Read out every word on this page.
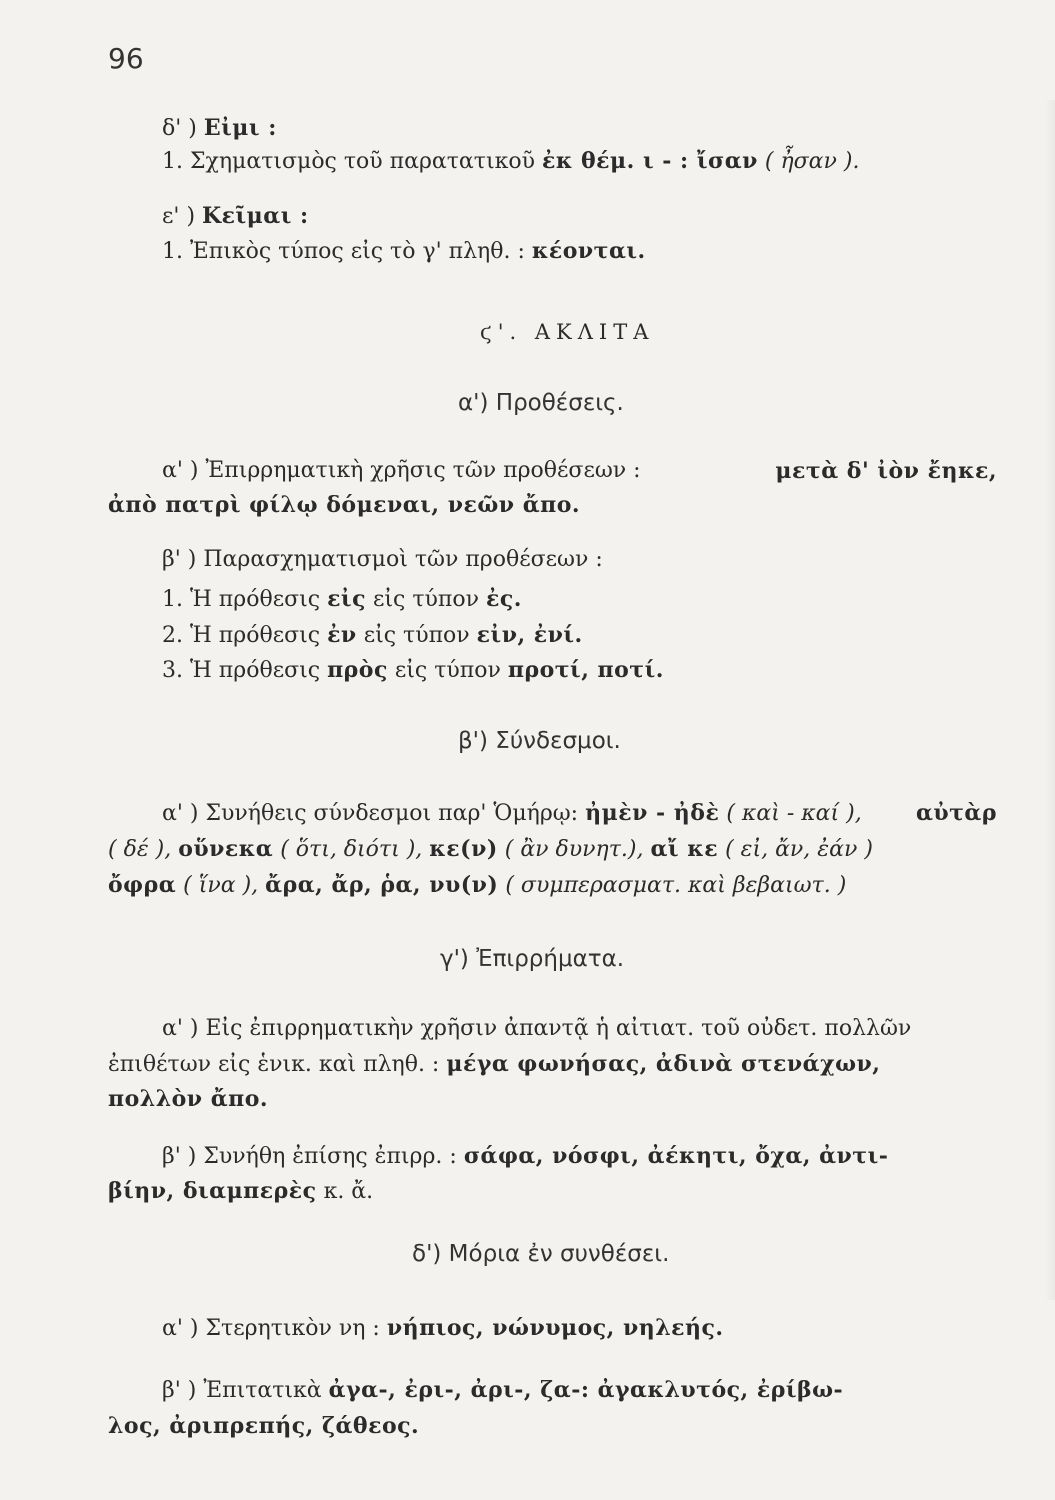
96
δ' ) Εἰμι :
1. Σχηματισμὸς τοῦ παρατατικοῦ ἐκ θέμ. ι - : ἴσαν ( ἦσαν ).
ε' ) Κεῖμαι :
1. Ἐπικὸς τύπος εἰς τὸ γ' πληθ. : κέονται.
ϛ'. ΑΚΛΙΤΑ
α') Προθέσεις.
α' ) Ἐπιρρηματικὴ χρῆσις τῶν προθέσεων :	μετὰ δ' ἰὸν ἔηκε,
ἀπὸ πατρὶ φίλῳ δόμεναι, νεῶν ἄπο.
β' ) Παρασχηματισμοὶ τῶν προθέσεων :
1. Ἡ πρόθεσις εἰς εἰς τύπον ἐς.
2. Ἡ πρόθεσις ἐν εἰς τύπον εἰν, ἐνί.
3. Ἡ πρόθεσις πρὸς εἰς τύπον προτί, ποτί.
β') Σύνδεσμοι.
α' ) Συνήθεις σύνδεσμοι παρ' Ὁμήρῳ: ἠμὲν - ἠδὲ ( καὶ - καί ), αὐτὰρ
( δέ ), οὕνεκα ( ὅτι, διότι ), κε(ν) ( ἂν δυνητ.), αἴ κε ( εἰ, ἄν, ἐάν )
ὄφρα ( ἵνα ), ἄρα, ἄρ, ῥα, νυ(ν) ( συμπερασματ. καὶ βεβαιωτ. )
γ') Ἐπιρρήματα.
α' ) Εἰς ἐπιρρηματικὴν χρῆσιν ἀπαντᾷ ἡ αἰτιατ. τοῦ οὐδετ. πολλῶν
ἐπιθέτων εἰς ἑνικ. καὶ πληθ. : μέγα φωνήσας, ἀδινὰ στενάχων,
πολλὸν ἄπο.
β' ) Συνήθη ἐπίσης ἐπιρρ. : σάφα, νόσφι, ἀέκητι, ὄχα, ἀντι-
βίην, διαμπερὲς κ. ἄ.
δ') Μόρια ἐν συνθέσει.
α' ) Στερητικὸν νη : νήπιος, νώνυμος, νηλεής.
β' ) Ἐπιτατικὰ ἀγα-, ἐρι-, ἀρι-, ζα-: ἀγακλυτός, ἐρίβω-
λος, ἀριπρεπής, ζάθεος.
